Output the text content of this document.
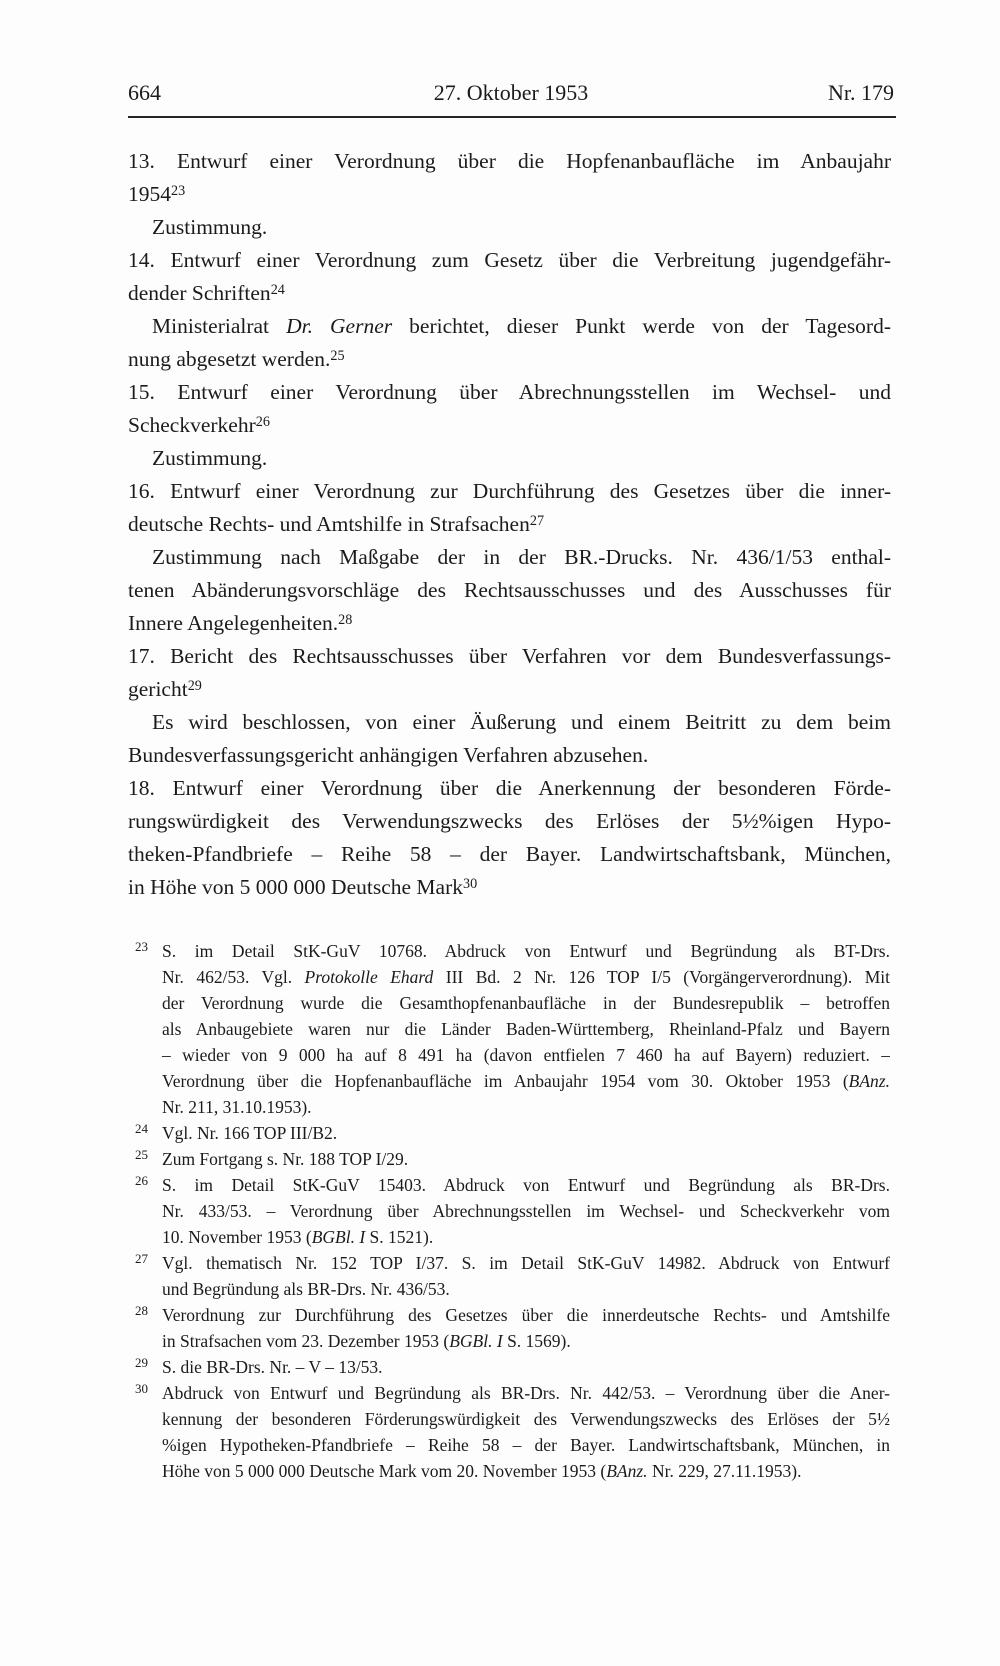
664	27. Oktober 1953	Nr. 179
13. Entwurf einer Verordnung über die Hopfenanbaufläche im Anbaujahr
1954$^{23}$
Zustimmung.
14. Entwurf einer Verordnung zum Gesetz über die Verbreitung jugendgefähr-
dender Schriften$^{24}$
Ministerialrat Dr. Gerner berichtet, dieser Punkt werde von der Tagesord-
nung abgesetzt werden.$^{25}$
15. Entwurf einer Verordnung über Abrechnungsstellen im Wechsel- und
Scheckverkehr$^{26}$
Zustimmung.
16. Entwurf einer Verordnung zur Durchführung des Gesetzes über die inner-
deutsche Rechts- und Amtshilfe in Strafsachen$^{27}$
Zustimmung nach Maßgabe der in der BR.-Drucks. Nr. 436/1/53 enthal-
tenen Abänderungsvorschläge des Rechtsausschusses und des Ausschusses für
Innere Angelegenheiten.$^{28}$
17. Bericht des Rechtsausschusses über Verfahren vor dem Bundesverfassungs-
gericht$^{29}$
Es wird beschlossen, von einer Äußerung und einem Beitritt zu dem beim
Bundesverfassungsgericht anhängigen Verfahren abzusehen.
18. Entwurf einer Verordnung über die Anerkennung der besonderen Förde-
rungswürdigkeit des Verwendungszwecks des Erlöses der 5½%igen Hypo-
theken-Pfandbriefe – Reihe 58 – der Bayer. Landwirtschaftsbank, München,
in Höhe von 5 000 000 Deutsche Mark$^{30}$
23 S. im Detail StK-GuV 10768. Abdruck von Entwurf und Begründung als BT-Drs.
Nr. 462/53. Vgl. Protokolle Ehard III Bd. 2 Nr. 126 TOP I/5 (Vorgängerverordnung). Mit
der Verordnung wurde die Gesamthopfenanbaufläche in der Bundesrepublik – betroffen
als Anbaugebiete waren nur die Länder Baden-Württemberg, Rheinland-Pfalz und Bayern
– wieder von 9 000 ha auf 8 491 ha (davon entfielen 7 460 ha auf Bayern) reduziert. –
Verordnung über die Hopfenanbaufläche im Anbaujahr 1954 vom 30. Oktober 1953 (BAnz.
Nr. 211, 31.10.1953).
24 Vgl. Nr. 166 TOP III/B2.
25 Zum Fortgang s. Nr. 188 TOP I/29.
26 S. im Detail StK-GuV 15403. Abdruck von Entwurf und Begründung als BR-Drs.
Nr. 433/53. – Verordnung über Abrechnungsstellen im Wechsel- und Scheckverkehr vom
10. November 1953 (BGBl. I S. 1521).
27 Vgl. thematisch Nr. 152 TOP I/37. S. im Detail StK-GuV 14982. Abdruck von Entwurf
und Begründung als BR-Drs. Nr. 436/53.
28 Verordnung zur Durchführung des Gesetzes über die innerdeutsche Rechts- und Amtshilfe
in Strafsachen vom 23. Dezember 1953 (BGBl. I S. 1569).
29 S. die BR-Drs. Nr. – V – 13/53.
30 Abdruck von Entwurf und Begründung als BR-Drs. Nr. 442/53. – Verordnung über die Aner-
kennung der besonderen Förderungswürdigkeit des Verwendungszwecks des Erlöses der 5½
%igen Hypotheken-Pfandbriefe – Reihe 58 – der Bayer. Landwirtschaftsbank, München, in
Höhe von 5 000 000 Deutsche Mark vom 20. November 1953 (BAnz. Nr. 229, 27.11.1953).
